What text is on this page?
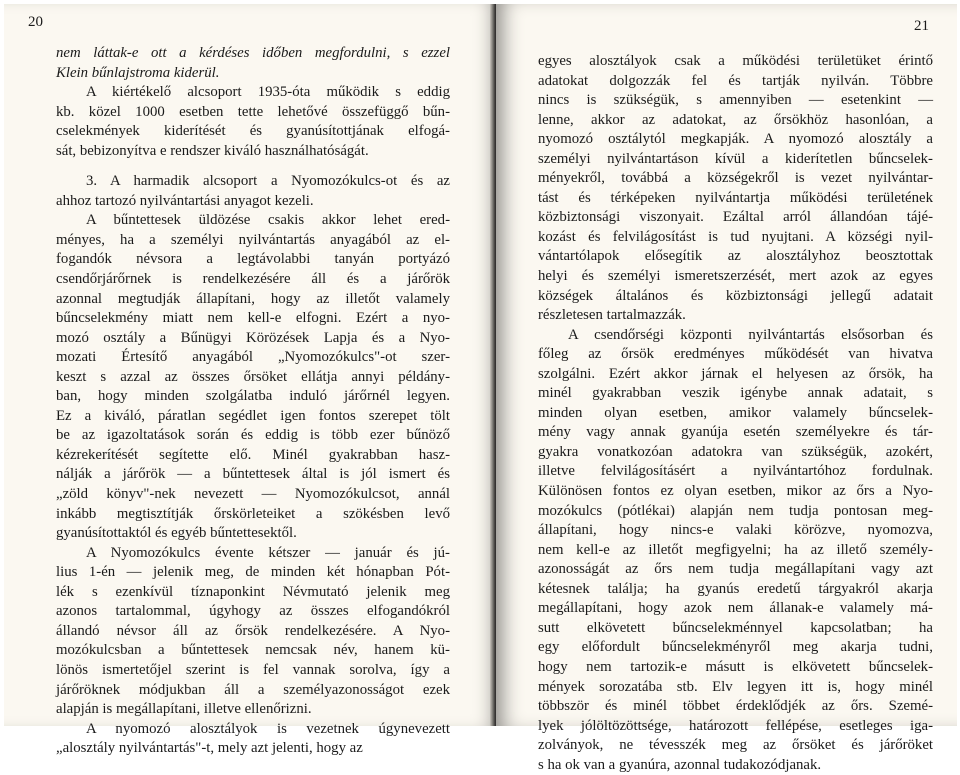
20
nem láttak-e ott a kérdéses időben megfordulni, s ezzel
Klein bűnlajstroma kiderül.
A kiértékelő alcsoport 1935-óta működik s eddig
kb. közel 1000 esetben tette lehetővé összefüggő bűn-
cselekmények kiderítését és gyanúsítottjának elfogá-
sát, bebizonyítva e rendszer kiváló használhatóságát.
3. A harmadik alcsoport a Nyomozókulcs-ot és az
ahhoz tartozó nyilvántartási anyagot kezeli.
A bűntettesek üldözése csakis akkor lehet ered-
ményes, ha a személyi nyilvántartás anyagából az el-
fogandók névsora a legtávolabbi tanyán portyázó
csendőrjárőrnek is rendelkezésére áll és a járőrök
azonnal megtudják állapítani, hogy az illetőt valamely
bűncselekmény miatt nem kell-e elfogni. Ezért a nyo-
mozó osztály a Bűnügyi Körözések Lapja és a Nyo-
mozati Értesítő anyagából „Nyomozókulcs"-ot szer-
keszt s azzal az összes őrsöket ellátja annyi példány-
ban, hogy minden szolgálatba induló járőrnél legyen.
Ez a kiváló, páratlan segédlet igen fontos szerepet tölt
be az igazoltatások során és eddig is több ezer bűnöző
kézrekerítését segítette elő. Minél gyakrabban hasz-
nálják a járőrök — a bűntettesek által is jól ismert és
„zöld könyv"-nek nevezett — Nyomozókulcsot, annál
inkább megtisztítják őrskörleteiket a szökésben levő
gyanúsítottaktól és egyéb bűntettesektől.
A Nyomozókulcs évente kétszer — január és jú-
lius 1-én — jelenik meg, de minden két hónapban Pót-
lék s ezenkívül tíznaponkint Névmutató jelenik meg
azonos tartalommal, úgyhogy az összes elfogandókról
állandó névsor áll az őrsök rendelkezésére. A Nyo-
mozókulcsban a bűntettesek nemcsak név, hanem kü-
lönös ismertetőjel szerint is fel vannak sorolva, így a
járőröknek módjukban áll a személyazonosságot ezek
alapján is megállapítani, illetve ellenőrizni.
A nyomozó alosztályok is vezetnek úgynevezett
„alosztály nyilvántartás"-t, mely azt jelenti, hogy az
21
egyes alosztályok csak a működési területüket érintő
adatokat dolgozzák fel és tartják nyilván. Többre
nincs is szükségük, s amennyiben — esetenkint —
lenne, akkor az adatokat, az őrsökhöz hasonlóan, a
nyomozó osztálytól megkapják. A nyomozó alosztály a
személyi nyilvántartáson kívül a kiderítetlen bűncselek-
ményekről, továbbá a községekről is vezet nyilvántar-
tást és térképeken nyilvántartja működési területének
közbiztonsági viszonyait. Ezáltal arról állandóan tájé-
kozást és felvilágosítást is tud nyujtani. A községi nyil-
vántartólapok elősegítik az alosztályhoz beosztottak
helyi és személyi ismeretszerzését, mert azok az egyes
községek általános és közbiztonsági jellegű adatait
részletesen tartalmazzák.
A csendőrségi központi nyilvántartás elsősorban és
főleg az őrsök eredményes működését van hivatva
szolgálni. Ezért akkor járnak el helyesen az őrsök, ha
minél gyakrabban veszik igénybe annak adatait, s
minden olyan esetben, amikor valamely bűncselek-
mény vagy annak gyanúja esetén személyekre és tár-
gyakra vonatkozóan adatokra van szükségük, azokért,
illetve felvilágosításért a nyilvántartóhoz fordulnak.
Különösen fontos ez olyan esetben, mikor az őrs a Nyo-
mozókulcs (pótlékai) alapján nem tudja pontosan meg-
állapítani, hogy nincs-e valaki körözve, nyomozva,
nem kell-e az illetőt megfigyelni; ha az illető személy-
azonosságát az őrs nem tudja megállapítani vagy azt
kétesnek találja; ha gyanús eredetű tárgyakról akarja
megállapítani, hogy azok nem állanak-e valamely má-
sutt elkövetett bűncselekménnyel kapcsolatban; ha
egy előfordult bűncselekményről meg akarja tudni,
hogy nem tartozik-e másutt is elkövetett bűncselek-
mények sorozatába stb. Elv legyen itt is, hogy minél
többször és minél többet érdeklődjék az őrs. Szemé-
lyek jólöltözöttsége, határozott fellépése, esetleges iga-
zolványok, ne tévesszék meg az őrsöket és járőröket
s ha ok van a gyanúra, azonnal tudakozódjanak.
